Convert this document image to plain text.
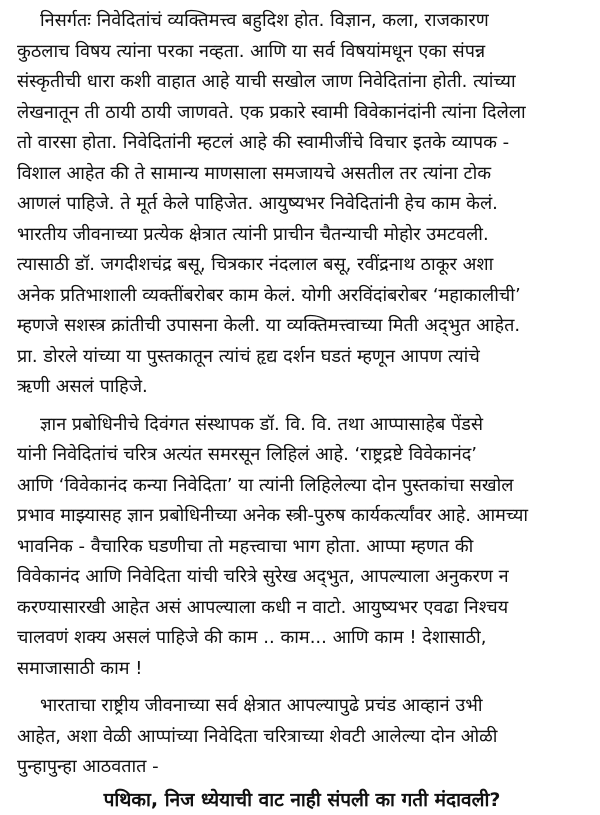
निसर्गतः निवेदितांचं व्यक्तिमत्त्व बहुदिश होत. विज्ञान, कला, राजकारण
कुठलाच विषय त्यांना परका नव्हता. आणि या सर्व विषयांमधून एका संपन्न
संस्कृतीची धारा कशी वाहात आहे याची सखोल जाण निवेदितांना होती. त्यांच्या
लेखनातून ती ठायी ठायी जाणवते. एक प्रकारे स्वामी विवेकानंदांनी त्यांना दिलेला
तो वारसा होता. निवेदितांनी म्हटलं आहे की स्वामीजींचे विचार इतके व्यापक -
विशाल आहेत की ते सामान्य माणसाला समजायचे असतील तर त्यांना टोक
आणलं पाहिजे. ते मूर्त केले पाहिजेत. आयुष्यभर निवेदितांनी हेच काम केलं.
भारतीय जीवनाच्या प्रत्येक क्षेत्रात त्यांनी प्राचीन चैतन्याची मोहोर उमटवली.
त्यासाठी डॉ. जगदीशचंद्र बसू, चित्रकार नंदलाल बसू, रवींद्रनाथ ठाकूर अशा
अनेक प्रतिभाशाली व्यक्तींबरोबर काम केलं. योगी अरविंदांबरोबर ‘महाकालीची’
म्हणजे सशस्त्र क्रांतीची उपासना केली. या व्यक्तिमत्त्वाच्या मिती अद्‌भुत आहेत.
प्रा. डोरले यांच्या या पुस्तकातून त्यांचं हृद्य दर्शन घडतं म्हणून आपण त्यांचे
ऋणी असलं पाहिजे.
ज्ञान प्रबोधिनीचे दिवंगत संस्थापक डॉ. वि. वि. तथा आप्पासाहेब पेंडसे
यांनी निवेदितांचं चरित्र अत्यंत समरसून लिहिलं आहे. ‘राष्ट्रद्रष्टे विवेकानंद’
आणि ‘विवेकानंद कन्या निवेदिता’ या त्यांनी लिहिलेल्या दोन पुस्तकांचा सखोल
प्रभाव माझ्यासह ज्ञान प्रबोधिनीच्या अनेक स्त्री-पुरुष कार्यकर्त्यांवर आहे. आमच्या
भावनिक - वैचारिक घडणीचा तो महत्त्वाचा भाग होता. आप्पा म्हणत की
विवेकानंद आणि निवेदिता यांची चरित्रे सुरेख अद्‌भुत, आपल्याला अनुकरण न
करण्यासारखी आहेत असं आपल्याला कधी न वाटो. आयुष्यभर एवढा निश्चय
चालवणं शक्य असलं पाहिजे की काम .. काम... आणि काम ! देशासाठी,
समाजासाठी काम !
भारताचा राष्ट्रीय जीवनाच्या सर्व क्षेत्रात आपल्यापुढे प्रचंड आव्हानं उभी
आहेत, अशा वेळी आप्पांच्या निवेदिता चरित्राच्या शेवटी आलेल्या दोन ओळी
पुन्हापुन्हा आठवतात -
पथिका, निज ध्येयाची वाट नाही संपली का गती मंदावली?
